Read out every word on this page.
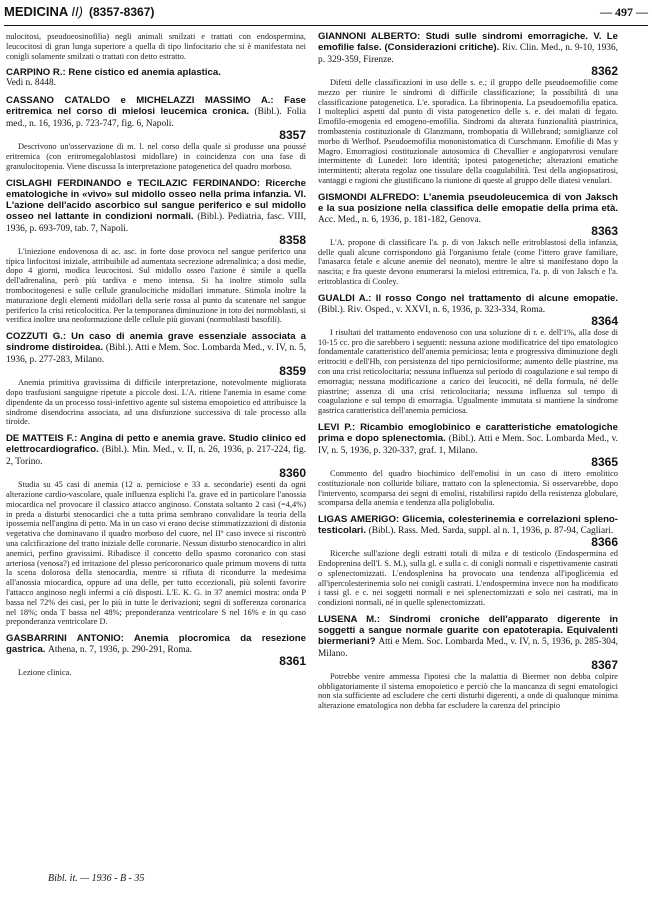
MEDICINA II) (8357-8367)	— 497 —

nulocitosi, pseudoeosinofilia) negli animali smilzati e trattati con endospermina, leucocitosi di gran lunga superiore a quella di tipo linfocitario che si è manifestata nei conigli solamente smilzati o trattati con detto estratto.

CARPINO R.: Rene cistico ed anemia aplastica.
Vedi n. 8448.
CASSANO CATALDO e MICHELAZZI MASSIMO A.: Fase eritremica nel corso di mielosi leucemica cronica. (Bibl.). Folia med., n. 16, 1936, p. 723-747, fig. 6, Napoli.
8357

Descrivono un'osservazione di m. l. nel corso della quale si produsse una poussé eritremica (con eritromegaloblastosi midollare) in coincidenza con una fase di granulocitopenia. Viene discussa la interpretazione patogenetica del quadro morboso.

CISLAGHI FERDINANDO e TECILAZIC FERDINANDO: Ricerche ematologiche in «vivo» sul midollo osseo nella prima infanzia. VI. L'azione dell'acido ascorbico sul sangue periferico e sul midollo osseo nel lattante in condizioni normali. (Bibl.). Pediatria, fasc. VIII, 1936, p. 693-709, tab. 7, Napoli.
8358

L'iniezione endovenosa di ac. asc. in forte dose provoca nel sangue periferico una tipica linfocitosi iniziale, attribuibile ad aumentata secrezione adrenalinica; a dosi medie, dopo 4 giorni, modica leucocitosi. Sul midollo osseo l'azione è simile a quella dell'adrenalina, però più tardiva e meno intensa. Si ha inoltre stimolo sulla trombocitogenesi e sulle cellule granulocitiche midollari immature. Stimola inoltre la maturazione degli elementi midollari della serie rossa al punto da scatenare nel sangue periferico la crisi reticolocitica. Per la temporanea diminuzione in toto dei normoblasti, si verifica inoltre una neoformazione delle cellule più giovani (normoblasti basofili).

COZZUTI G.: Un caso di anemia grave essenziale associata a sindrome distiroidea. (Bibl.). Atti e Mem. Soc. Lombarda Med., v. IV, n. 5, 1936, p. 277-283, Milano.
8359

Anemia primitiva gravissima di difficile interpretazione, notevolmente migliorata dopo trasfusioni sanguigne ripetute a piccole dosi. L'A. ritiene l'anemia in esame come dipendente da un processo tossi-infettivo agente sul sistema emopoietico ed attribuisce la sindrome disendocrina associata, ad una disfunzione successiva di tale processo alla tiroide.

DE MATTEIS F.: Angina di petto e anemia grave. Studio clinico ed elettrocardiografico. (Bibl.). Min. Med., v. II, n. 26, 1936, p. 217-224, fig. 2, Torino.
8360

Studia su 45 casi di anemia (12 a. perniciose e 33 a. secondarie) esenti da ogni alterazione cardio-vascolare, quale influenza esplichi l'a. grave ed in particolare l'anossia miocardica nel provocare il classico attacco anginoso. Constata soltanto 2 casi (=4,4%) in preda a disturbi stenocardici che a tutta prima sembrano convalidare la teoria della ipossemia nell'angina di petto. Ma in un caso vi erano decise stimmatizzazioni di distonia vegetativa che dominavano il quadro morboso del cuore, nel IIº caso invece si riscontrò una calcificazione del tratto iniziale delle coronarie. Nessun disturbo stenocardico in altri anemici, perfino gravissimi. Ribadisce il concetto dello spasmo coronarico con stasi arteriosa (venosa?) ed irritazione del plesso pericoronarico quale primum movens di tutta la scena dolorosa della stenocardia, mentre si rifiuta di ricondurre la medesima all'anossia miocardica, oppure ad una delle, per tutto eccezionali, più solenti favorire l'attacco anginoso negli infermi a ciò disposti. L'E. K. G. in 37 anemici mostra: onda P bassa nel 72% dei casi, per lo più in tutte le derivazioni; segni di sofferenza coronarica nel 18%; onda T bassa nel 48%; preponderanza ventricolare S nel 16% e in qu caso preponderanza ventricolare D.

GASBARRINI ANTONIO: Anemia plocromica da resezione gastrica. Athena, n. 7, 1936, p. 290-291, Roma.
8361

Lezione clinica.

GIANNONI ALBERTO: Studi sulle sindromi emorragiche. V. Le emofilie false. (Considerazioni critiche). Riv. Clin. Med., n. 9-10, 1936, p. 329-359, Firenze.
8362

Difetti delle classificazioni in uso delle s. e.; il gruppo delle pseudoemofilie come mezzo per riunire le sindromi di difficile classificazione; la possibilità di una classificazione patogenetica. L'e. sporadica. La fibrinopenia. La pseudoemofilia epatica. I molteplici aspetti dal punto di vista patogenetico delle s. e. dei malati di fegato. Emofilo-emogenia ed emogeno-emofilia. Sindromi da alterata funzionalità piastrinica, trombastenia costituzionale di Glanzmann, trombopatia di Willebrand; somiglianze col morbo di Werlhof. Pseudoemofilia mononistomatica di Curschmann. Emofilie di Mas y Magro. Emorragiosi costituzionale autosomica di Chevallier e angiopatvrosi venulare intermittente di Lunedei: loro identità; ipotesi patogenetiche; alterazioni ematiche intermittenti; alterata regolaz one tissulare della coagulabilità. Tesi della angiopsatirosi, vantaggi e ragioni che giustificano la riunione di queste al gruppo delle diatesi venulari.

GISMONDI ALFREDO: L'anemia pseudoleucemica di von Jaksch e la sua posizione nella classifica delle emopatie della prima età. Acc. Med., n. 6, 1936, p. 181-182, Genova.
8363

L'A. propone di classificare l'a. p. di von Jaksch nelle eritroblastosi della infanzia, delle quali alcune corrispondono già l'organismo fetale (come l'ittero grave familiare, l'anasarca fetale e alcune anemie del neonato), mentre le altre si manifestano dopo la nascita; e fra queste devono enumerarsi la mielosi eritremica, l'a. p. di von Jaksch e l'a. eritroblastica di Cooley.

GUALDI A.: Il rosso Congo nel trattamento di alcune emopatie. (Bibl.). Riv. Osped., v. XXVI, n. 6, 1936, p. 323-334, Roma.
8364

I risultati del trattamento endovenoso con una soluzione di r. e. dell'1%, alla dose di 10-15 cc. pro die sarebbero i seguenti: nessuna azione modificatrice del tipo ematologico fondamentale caratteristico dell'anemia perniciosa; lenta e progressiva diminuzione degli eritrociti e dell'Hb, con persistenza del tipo perniciosiforme; aumento delle piastrine, ma con una crisi reticolocitaria; nessuna influenza sul periodo di coagulazione e sul tempo di emorragia; nessuna modificazione a carico dei leucociti, né della formula, né delle piastrine; assenza di una crisi reticolocitaria; nessuna influenza sul tempo di coagulazione e sul tempo di emorragia. Ugualmente immutata si mantiene la sindrome gastrica caratteristica dell'anemia perniciosa.

LEVI P.: Ricambio emoglobinico e caratteristiche ematologiche prima e dopo splenectomia. (Bibl.). Atti e Mem. Soc. Lombarda Med., v. IV, n. 5, 1936, p. 320-337, graf. 1, Milano.
8365

Commento del quadro biochimico dell'emolisi in un caso di ittero emolitico costituzionale non colluride biliare, trattato con la splenectomia. Si osservarebbe, dopo l'intervento, scomparsa dei segni di emolisi, ristabilirsi rapido della resistenza globulare, scomparsa della anemia e tendenza alla poliglobulia.

LIGAS AMERIGO: Glicemia, colesterinemia e correlazioni spleno-testicolari. (Bibl.). Rass. Med. Sarda, suppl. al n. 1, 1936, p. 87-94, Cagliari.
8366

Ricerche sull'azione degli estratti totali di milza e di testicolo (Endospermina ed Endoprenina dell'I. S. M.), sulla gl. e sulla c. di conigli normali e rispettivamente castrati o splenectomizzati. L'endosplenina ha provocato una tendenza all'ipoglicemia ed all'ipercolesterinemia solo nei conigli castrati. L'endospermina invece non ha modificato i tassi gl. e c. nei soggetti normali e nei splenectomizzati e solo nei castrati, ma in condizioni normali, né in quelle splenectomizzati.

LUSENA M.: Sindromi croniche dell'apparato digerente in soggetti a sangue normale guarite con epatoterapia. Equivalenti biermeriani? Atti e Mem. Soc. Lombarda Med., v. IV, n. 5, 1936, p. 285-304, Milano.
8367

Potrebbe venire ammessa l'ipotesi che la malattia di Biermer non debba colpire obbligatoriamente il sistema emopoietico e perciò che la mancanza di segni ematologici non sia sufficiente ad escludere che certi disturbi digerenti, a onde di qualunque minima alterazione ematologica non debba far escludere la carenza del principio

Bibl. it. — 1936 - B - 35
